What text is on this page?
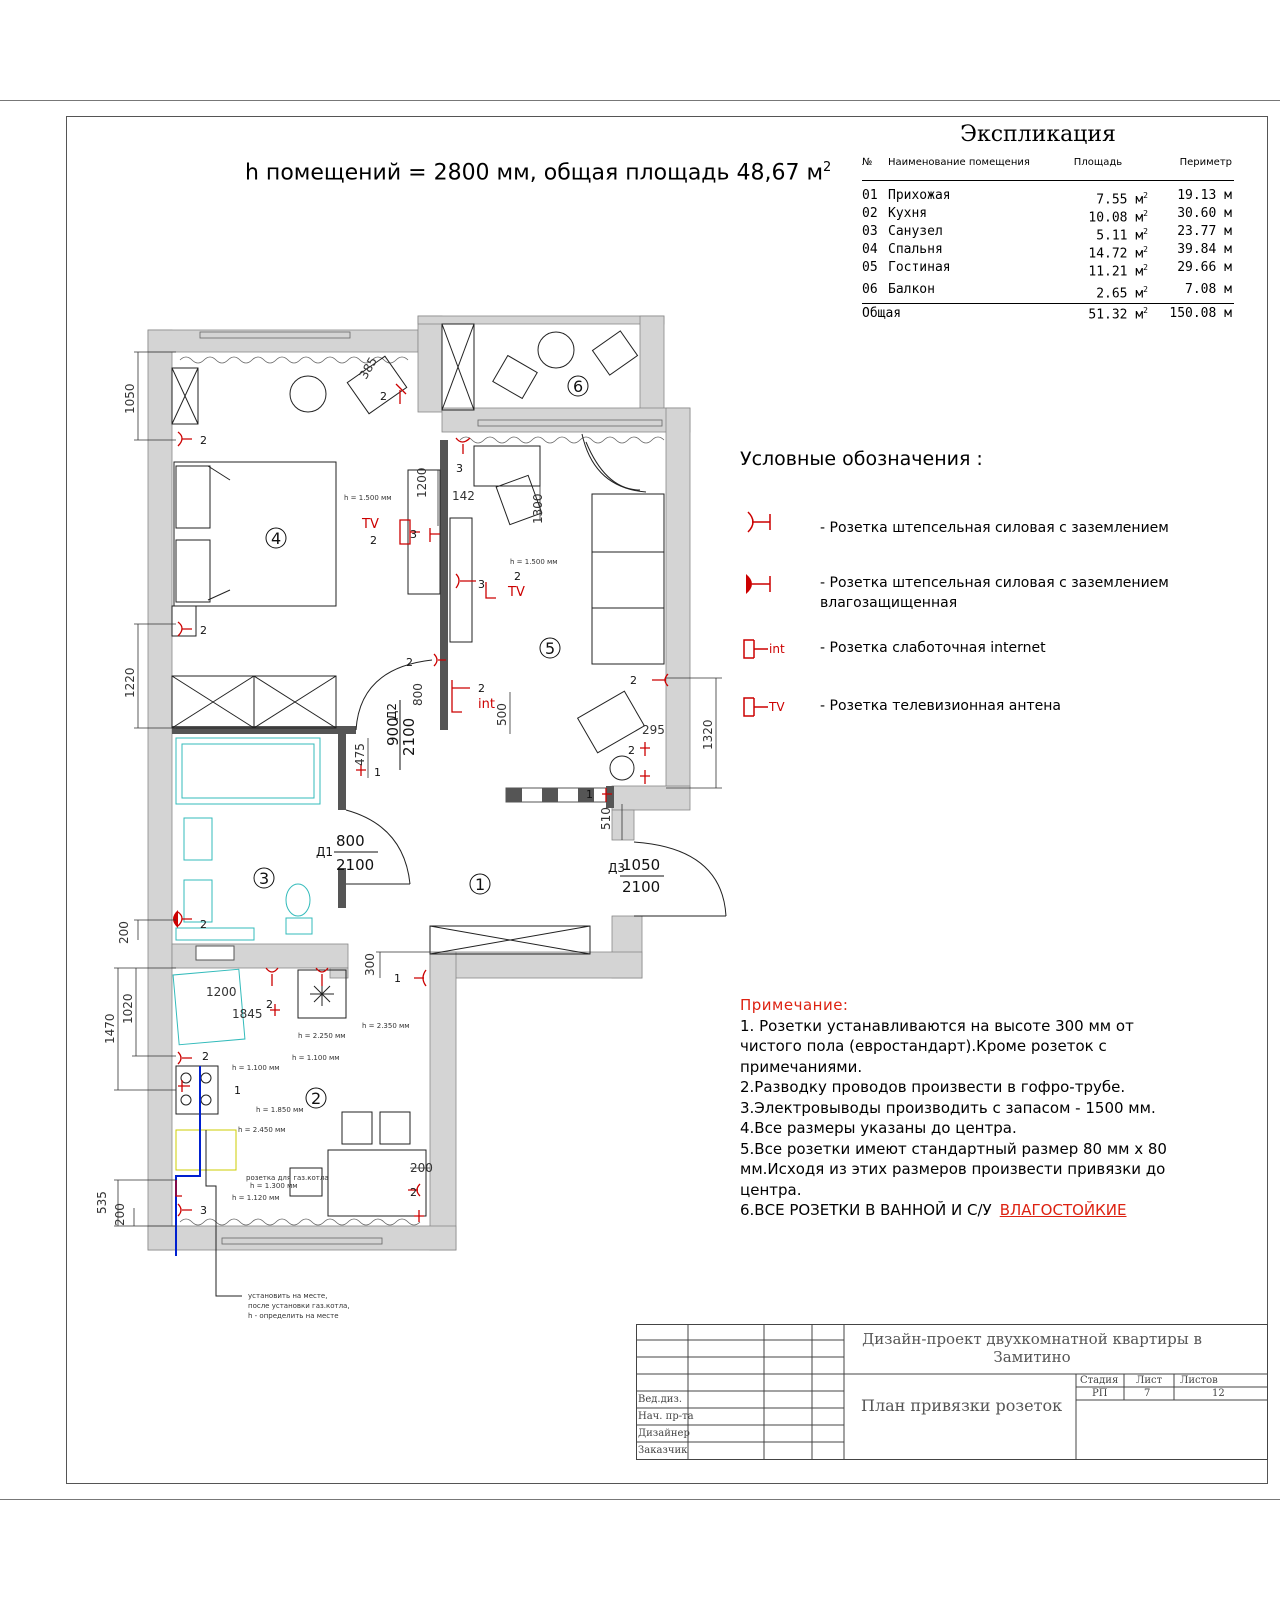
h помещений = 2800 мм, общая площадь 48,67 $м^2$
Экспликация
№	Наименование помещения	Площадь	Периметр
01 Прихожая	7.55 $м^2$	19.13 м
02 Кухня	10.08 $м^2$	30.60 м
03 Санузел	5.11 $м^2$	23.77 м
04 Спальня	14.72 $м^2$	39.84 м
05 Гостиная	11.21 $м^2$	29.66 м
06 Балкон	2.65 $м^2$	7.08 м
Общая	51.32 $м^2$	150.08 м
Условные обозначения :
- Розетка штепсельная силовая с заземлением
- Розетка штепсельная силовая с заземлением влагозащищенная
int	- Розетка слаботочная internet
TV	- Розетка телевизионная антена
Примечание:
1. Розетки устанавливаются на высоте 300 мм от чистого пола (евростандарт).Кроме розеток с примечаниями.
2.Разводку проводов произвести в гофро-трубе.
3.Электровыводы производить с запасом - 1500 мм.
4.Все размеры указаны до центра.
5.Все розетки имеют стандартный размер 80 мм x 80 мм.Исходя из этих размеров произвести привязки до центра.
6.ВСЕ РОЗЕТКИ В ВАННОЙ И С/У ВЛАГОСТОЙКИЕ
Вед.диз.
Нач. пр-та
Дизайнер
Заказчик
Дизайн-проект двухкомнатной квартиры в Замитино
План привязки розеток
Стадия Лист Листов
РП	7	12
TV
TV
int
2
2
2
2
3
2	3
2
3
2
2
2
2
1
1
2
2
1
1
2
3
1
2
3
4
5
6
Д1
800
2100	Д3
1050
2100
Д2
900
2100
1050
1220
200
1470
1020
535
200
300
1200
1845
1200 142	1300
800
500
475
1320
295
510
385
200
h = 1.500 мм
h = 1.500 мм
h = 2.250 мм
h = 2.350 мм
h = 1.100 мм
h = 1.100 мм
h = 1.850 мм
h = 2.450 мм
розетка для газ.котла
h = 1.300 мм
h = 1.120 мм
установить на месте,
после установки газ.котла,
h - определить на месте
